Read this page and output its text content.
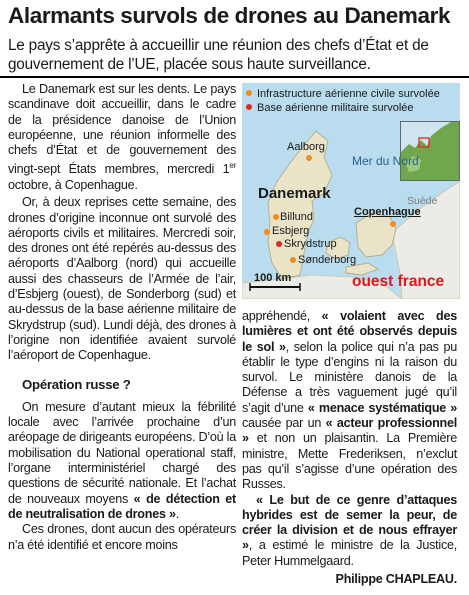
Alarmants survols de drones au Danemark
Le pays s’apprête à accueillir une réunion des chefs d’État et de gouvernement de l’UE, placée sous haute surveillance.

Le Danemark est sur les dents. Le pays scandinave doit accueillir, dans le cadre de la présidence danoise de l’Union européenne, une réunion informelle des chefs d’État et de gouvernement des vingt-sept États membres, mercredi 1er octobre, à Copenhague.

Or, à deux reprises cette semaine, des drones d’origine inconnue ont survolé des aéroports civils et militaires. Mercredi soir, des drones ont été repérés au-dessus des aéroports d’Aalborg (nord) qui accueille aussi des chasseurs de l’Armée de l’air, d’Esbjerg (ouest), de Sonderborg (sud) et au-dessus de la base aérienne militaire de Skrydstrup (sud). Lundi déjà, des drones à l’origine non identifiée avaient survolé l’aéroport de Copenhague.

Opération russe ?

On mesure d’autant mieux la fébrilité locale avec l’arrivée prochaine d’un aréopage de dirigeants européens. D’où la mobilisation du National operational staff, l’organe interministériel chargé des questions de sécurité nationale. Et l’achat de nouveaux moyens « de détection et de neutralisation de drones ».

Ces drones, dont aucun des opérateurs n’a été identifié et encore moins

Infrastructure aérienne civile survolée
Base aérienne militaire survolée
Aalborg
Mer du Nord
Suède
Danemark
Copenhague
Billund
Esbjerg
Skrydstrup
Sønderborg
100 km	ouest france

appréhendé, « volaient avec des lumières et ont été observés depuis le sol », selon la police qui n’a pas pu établir le type d’engins ni la raison du survol. Le ministère danois de la Défense a très vaguement jugé qu’il s’agit d’une « menace systématique » causée par un « acteur professionnel » et non un plaisantin. La Première ministre, Mette Frederiksen, n’exclut pas qu’il s’agisse d’une opération des Russes.

« Le but de ce genre d’attaques hybrides est de semer la peur, de créer la division et de nous effrayer », a estimé le ministre de la Justice, Peter Hummelgaard.

Philippe CHAPLEAU.
